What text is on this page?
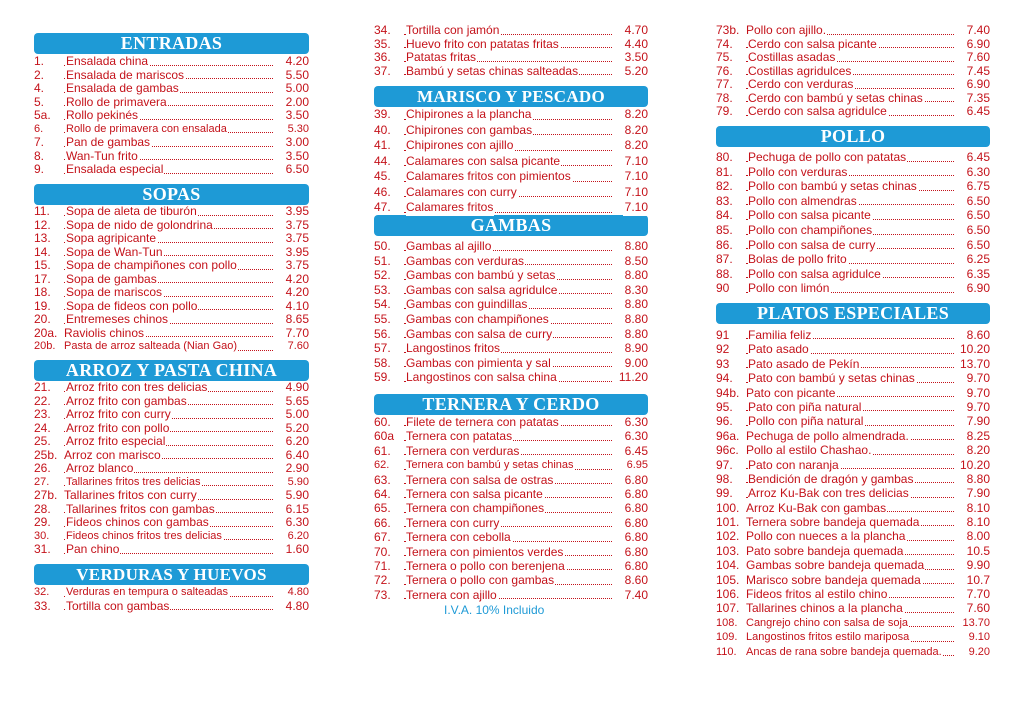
ENTRADAS
1. Ensalada china	4.20
2. Ensalada de mariscos	5.50
4. Ensalada de gambas	5.00
5. Rollo de primavera	2.00
5a. Rollo pekinés	3.50
6. Rollo de primavera con ensalada	5.30
7. Pan de gambas	3.00
8. Wan-Tun frito	3.50
9. Ensalada especial	6.50
SOPAS
11. Sopa de aleta de tiburón	3.95
12. Sopa de nido de golondrina	3.75
13. Sopa agripicante	3.75
14. Sopa de Wan-Tun	3.95
15. Sopa de champiñones con pollo	3.75
17. Sopa de gambas	4.20
18. Sopa de mariscos	4.20
19. Sopa de fideos con pollo	4.10
20. Entremeses chinos	8.65
20a. Raviolis chinos	7.70
20b. Pasta de arroz salteada (Nian Gao)	7.60
ARROZ Y PASTA CHINA
21. Arroz frito con tres delicias	4.90
22. Arroz frito con gambas	5.65
23. Arroz frito con curry	5.00
24. Arroz frito con pollo	5.20
25. Arroz frito especial	6.20
25b. Arroz con marisco	6.40
26. Arroz blanco	2.90
27. Tallarines fritos tres delicias	5.90
27b. Tallarines fritos con curry	5.90
28. Tallarines fritos con gambas	6.15
29. Fideos chinos con gambas	6.30
30. Fideos chinos fritos tres delicias	6.20
31. Pan chino	1.60
VERDURAS Y HUEVOS
32. Verduras en tempura o salteadas	4.80
33. Tortilla con gambas	4.80
34. Tortilla con jamón	4.70
35. Huevo frito con patatas fritas	4.40
36. Patatas fritas	3.50
37. Bambú y setas chinas salteadas	5.20
MARISCO Y PESCADO
39. Chipirones a la plancha	8.20
40. Chipirones con gambas	8.20
41. Chipirones con ajillo	8.20
44. Calamares con salsa picante	7.10
45. Calamares fritos con pimientos	7.10
46. Calamares con curry	7.10
47. Calamares fritos	7.10
GAMBAS
50. Gambas al ajillo	8.80
51. Gambas con verduras	8.50
52. Gambas con bambú y setas	8.80
53. Gambas con salsa agridulce	8.30
54. Gambas con guindillas	8.80
55. Gambas con champiñones	8.80
56. Gambas con salsa de curry	8.80
57. Langostinos fritos	8.90
58. Gambas con pimienta y sal	9.00
59. Langostinos con salsa china	11.20
TERNERA Y CERDO
60. Filete de ternera con patatas	6.30
60a Ternera con patatas	6.30
61. Ternera con verduras	6.45
62. Ternera con bambú y setas chinas	6.95
63. Ternera con salsa de ostras	6.80
64. Ternera con salsa picante	6.80
65. Ternera con champiñones	6.80
66. Ternera con curry	6.80
67. Ternera con cebolla	6.80
70. Ternera con pimientos verdes	6.80
71. Ternera o pollo con berenjena	6.80
72. Ternera o pollo con gambas	8.60
73. Ternera con ajillo	7.40
I.V.A. 10% Incluido
73b. Pollo con ajillo.	7.40
74. Cerdo con salsa picante	6.90
75. Costillas asadas	7.60
76. Costillas agridulces	7.45
77. Cerdo con verduras	6.90
78. Cerdo con bambú y setas chinas	7.35
79. Cerdo con salsa agridulce	6.45
POLLO
80. Pechuga de pollo con patatas	6.45
81. Pollo con verduras	6.30
82. Pollo con bambú y setas chinas	6.75
83. Pollo con almendras	6.50
84. Pollo con salsa picante	6.50
85. Pollo con champiñones	6.50
86. Pollo con salsa de curry	6.50
87. Bolas de pollo frito	6.25
88. Pollo con salsa agridulce	6.35
90 Pollo con limón	6.90
PLATOS ESPECIALES
91 Familia feliz	8.60
92 Pato asado	10.20
93 Pato asado de Pekín	13.70
94. Pato con bambú y setas chinas	9.70
94b. Pato con picante	9.70
95. Pato con piña natural	9.70
96. Pollo con piña natural	7.90
96a. Pechuga de pollo almendrada.	8.25
96c. Pollo al estilo Chashao.	8.20
97. Pato con naranja	10.20
98. Bendición de dragón y gambas	8.80
99. Arroz Ku-Bak con tres delicias	7.90
100. Arroz Ku-Bak con gambas	8.10
101. Ternera sobre bandeja quemada	8.10
102. Pollo con nueces a la plancha	8.00
103. Pato sobre bandeja quemada	10.5
104. Gambas sobre bandeja quemada	9.90
105. Marisco sobre bandeja quemada	10.7
106. Fideos fritos al estilo chino	7.70
107. Tallarines chinos a la plancha	7.60
108. Cangrejo chino con salsa de soja	13.70
109. Langostinos fritos estilo mariposa	9.10
110. Ancas de rana sobre bandeja quemada. 9.20
